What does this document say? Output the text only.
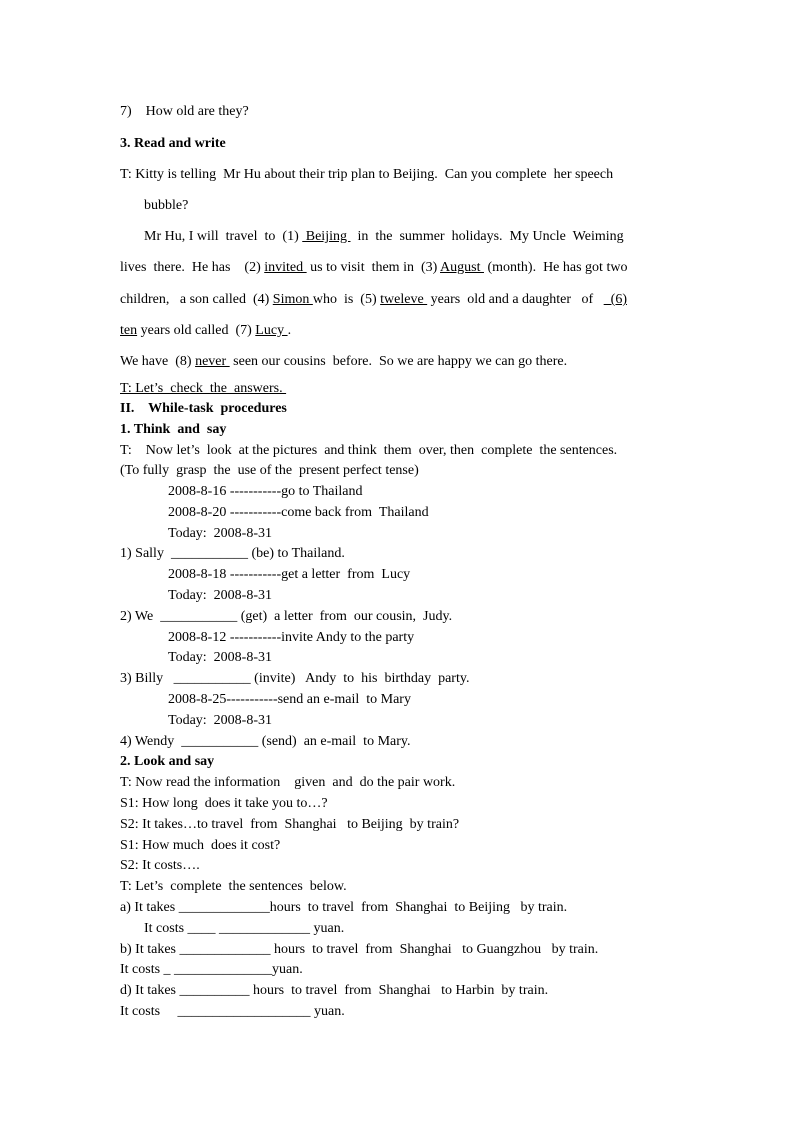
7)    How old are they?
3. Read and write
T: Kitty is telling  Mr Hu about their trip plan to Beijing.  Can you complete  her speech
bubble?
Mr Hu, I will  travel  to  (1)  Beijing   in  the  summer  holidays.  My Uncle  Weiming
lives  there.  He has    (2) invited  us to visit  them in  (3) August  (month).  He has got two
children,   a son called  (4) Simon who  is  (5) tweleve  years  old and a daughter   of     (6)
ten years old called  (7) Lucy .
We have  (8) never  seen our cousins  before.  So we are happy we can go there.
T: Let’s  check  the  answers.
II.    While-task  procedures
1. Think  and  say
T:    Now let’s  look  at the pictures  and think  them  over, then  complete  the sentences.
(To fully  grasp  the  use of the  present perfect tense)
2008-8-16 -----------go to Thailand
2008-8-20 -----------come back from  Thailand
Today:  2008-8-31
1) Sally  ___________ (be) to Thailand.
2008-8-18 -----------get a letter  from  Lucy
Today:  2008-8-31
2) We  ___________ (get)  a letter  from  our cousin,  Judy.
2008-8-12 -----------invite Andy to the party
Today:  2008-8-31
3) Billy   ___________ (invite)   Andy  to  his  birthday  party.
2008-8-25-----------send an e-mail  to Mary
Today:  2008-8-31
4) Wendy  ___________ (send)  an e-mail  to Mary.
2. Look and say
T: Now read the information    given  and  do the pair work.
S1: How long  does it take you to…?
S2: It takes…to travel  from  Shanghai   to Beijing  by train?
S1: How much  does it cost?
S2: It costs….
T: Let’s  complete  the sentences  below.
a) It takes _____________hours  to travel  from  Shanghai  to Beijing   by train.
It costs ____ _____________ yuan.
b) It takes _____________ hours  to travel  from  Shanghai   to Guangzhou   by train.
It costs _ ______________yuan.
d) It takes __________ hours  to travel  from  Shanghai   to Harbin  by train.
It costs     ___________________ yuan.
